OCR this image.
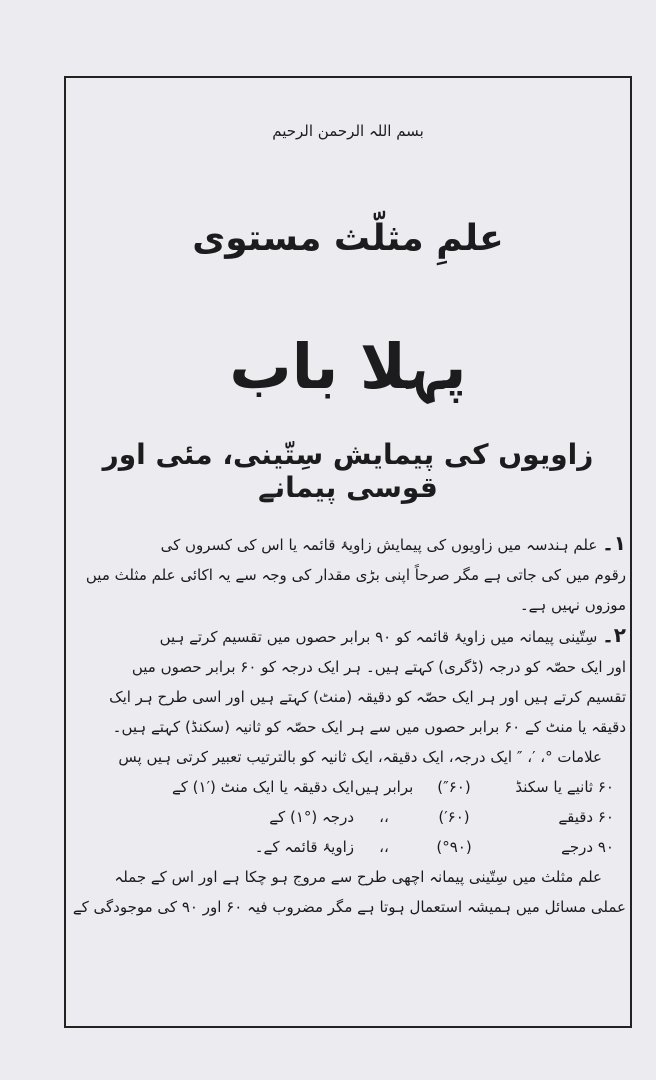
بسم اللہ الرحمن الرحیم
علمِ مثلّث مستوی
پہلا باب
زاویوں کی پیمایش سِتّینی، مئی اور قوسی پیمانے
۱۔ علم ہندسہ میں زاویوں کی پیمایش زاویۂ قائمہ یا اس کی کسروں کی
رقوم میں کی جاتی ہے مگر صرحاً اپنی بڑی مقدار کی وجہ سے یہ اکائی علم مثلث میں
موزوں نہیں ہے۔
۲۔ سِتّینی پیمانہ میں زاویۂ قائمہ کو ۹۰ برابر حصوں میں تقسیم کرتے ہیں
اور ایک حصّہ کو درجہ (ڈگری) کہتے ہیں۔ ہر ایک درجہ کو ۶۰ برابر حصوں میں
تقسیم کرتے ہیں اور ہر ایک حصّہ کو دقیقہ (منٹ) کہتے ہیں اور اسی طرح ہر ایک
دقیقہ یا منٹ کے ۶۰ برابر حصوں میں سے ہر ایک حصّہ کو ثانیہ (سکنڈ) کہتے ہیں۔
علامات °، ′، ″ ایک درجہ، ایک دقیقہ، ایک ثانیہ کو بالترتیب تعبیر کرتی ہیں پس
۶۰ ثانیے یا سکنڈ
(″۶۰)
برابر ہیں
ایک دقیقہ یا ایک منٹ (′۱) کے
۶۰ دقیقے
(′۶۰)
،،
درجہ (°۱) کے
۹۰ درجے
(°۹۰)
،،
زاویۂ قائمہ کے۔
علم مثلث میں سِتّینی پیمانہ اچھی طرح سے مروج ہو چکا ہے اور اس کے جملہ
عملی مسائل میں ہمیشہ استعمال ہوتا ہے مگر مضروب فیہ ۶۰ اور ۹۰ کی موجودگی کے
